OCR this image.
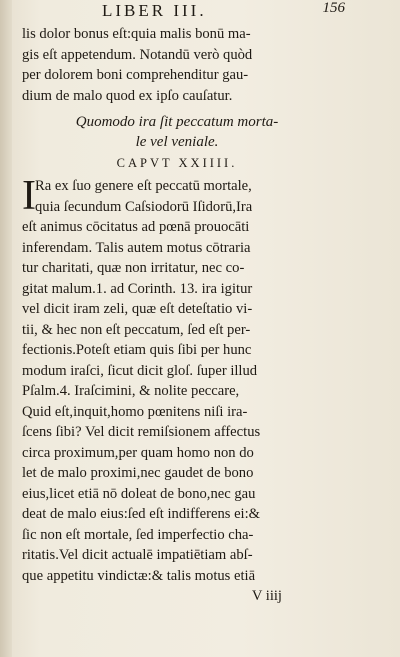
LIBER III.	156
lis dolor bonus eſt:quia malis bonū ma-
gis eſt appetendum. Notandū verò quòd
per dolorem boni comprehenditur gau-
dium de malo quod ex ipſo cauſatur.
Quomodo ira ſit peccatum morta-
le vel veniale.
CAPVT XXIIII.
I Ra ex ſuo genere eſt peccatū mortale,
quia ſecundum Caſsiodorū Iſidorū,Ira
eſt animus cōcitatus ad pœnā prouocāti
inferendam. Talis autem motus cōtraria
tur charitati, quæ non irritatur, nec co-
gitat malum.1. ad Corinth. 13. ira igitur
vel dicit iram zeli, quæ eſt deteſtatio vi-
tii, & hec non eſt peccatum, ſed eſt per-
fectionis.Poteſt etiam quis ſibi per hunc
modum iraſci, ſicut dicit gloſ. ſuper illud
Pſalm.4. Iraſcimini, & nolite peccare,
Quid eſt,inquit,homo pœnitens niſi ira-
ſcens ſibi? Vel dicit remiſsionem affectus
circa proximum,per quam homo non do
let de malo proximi,nec gaudet de bono
eius,licet etiā nō doleat de bono,nec gau
deat de malo eius:ſed eſt indifferens ei:&
ſic non eſt mortale, ſed imperfectio cha-
ritatis.Vel dicit actualē impatiētiam abſ-
que appetitu vindictæ:& talis motus etiā
V iiij
